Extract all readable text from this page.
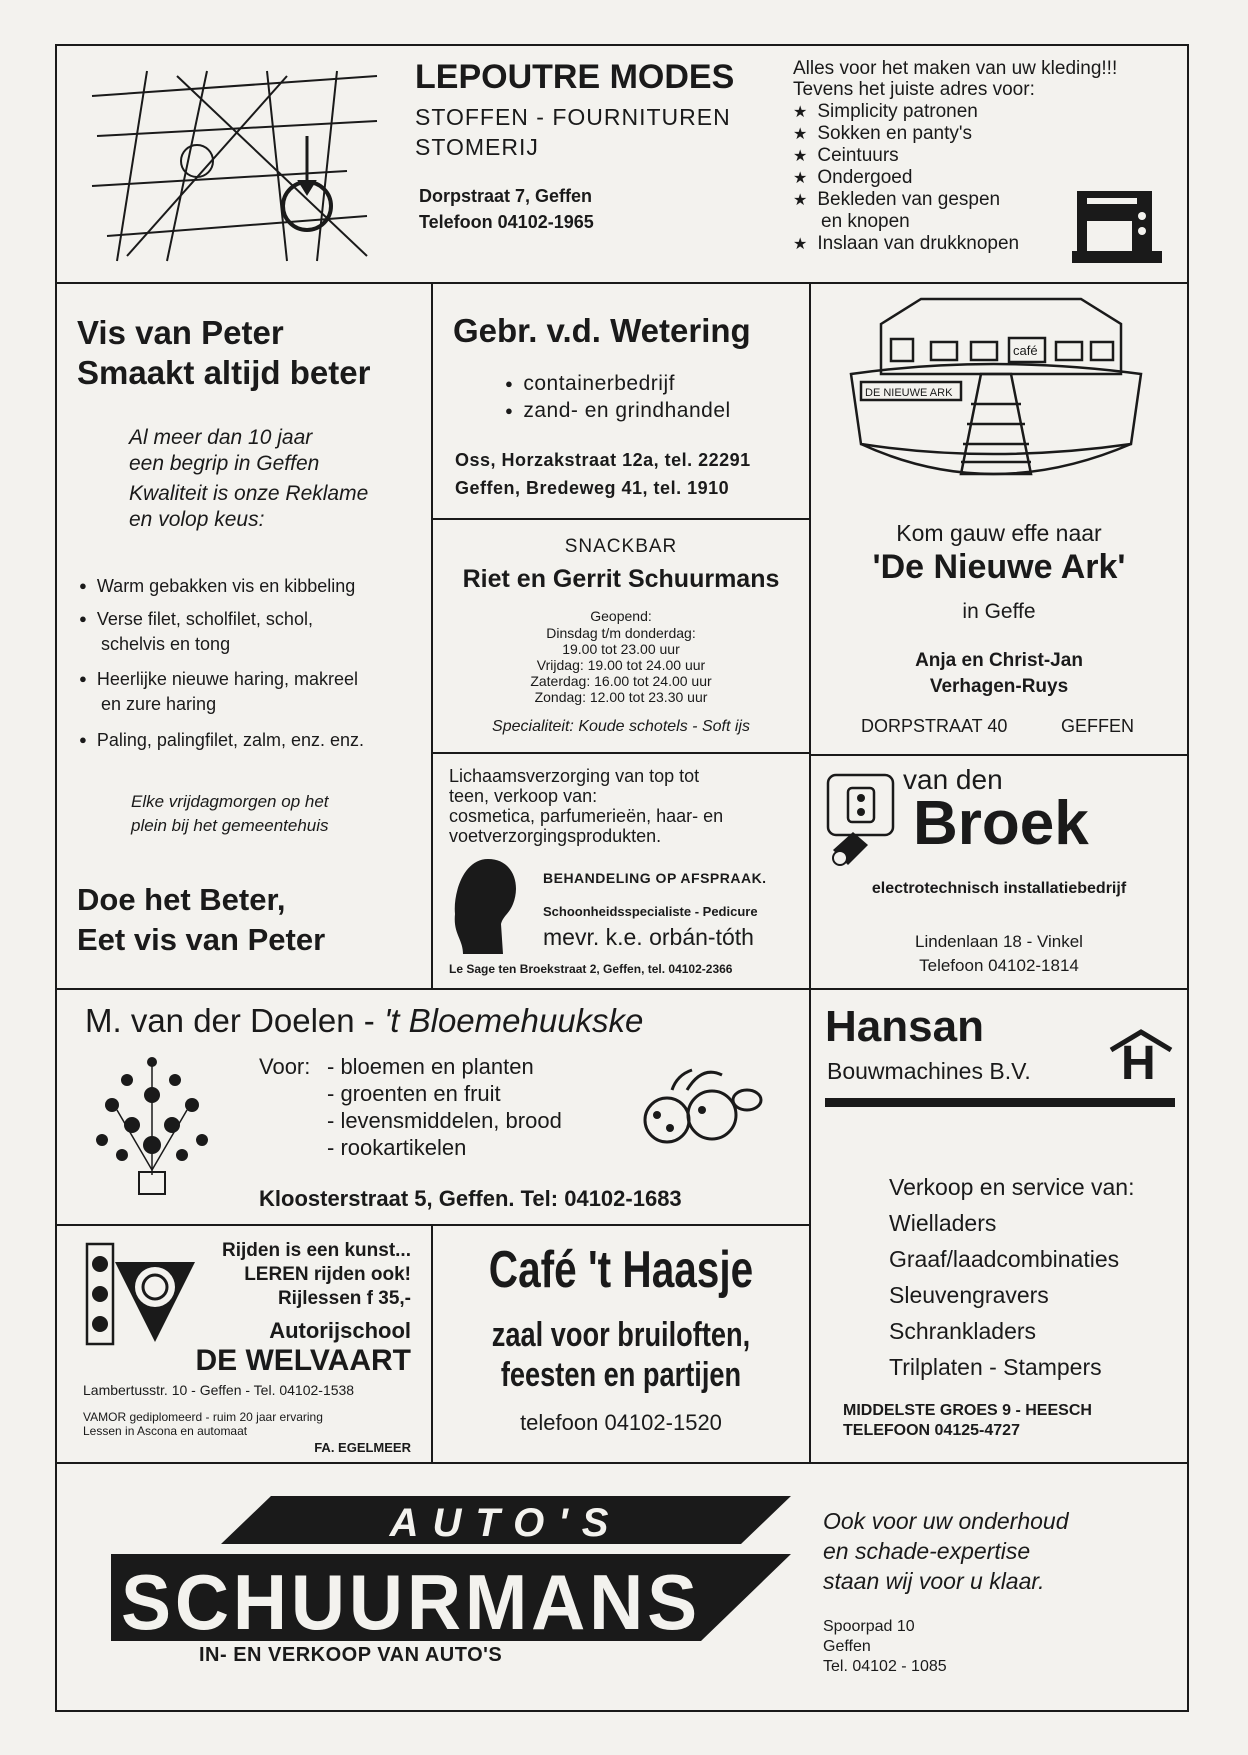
LEPOUTRE MODES
STOFFEN - FOURNITUREN
STOMERIJ
Dorpstraat 7, Geffen
Telefoon 04102-1965
Alles voor het maken van uw kleding!!!
Tevens het juiste adres voor:
★ Simplicity patronen
★ Sokken en panty's
★ Ceintuurs
★ Ondergoed
★ Bekleden van gespen
en knopen
★ Inslaan van drukknopen
Vis van Peter
Smaakt altijd beter
Al meer dan 10 jaar
een begrip in Geffen
Kwaliteit is onze Reklame
en volop keus:
● Warm gebakken vis en kibbeling
● Verse filet, scholfilet, schol,
schelvis en tong
● Heerlijke nieuwe haring, makreel
en zure haring
● Paling, palingfilet, zalm, enz. enz.
Elke vrijdagmorgen op het
plein bij het gemeentehuis
Doe het Beter,
Eet vis van Peter
Gebr. v.d. Wetering
● containerbedrijf
● zand- en grindhandel
Oss, Horzakstraat 12a, tel. 22291
Geffen, Bredeweg 41, tel. 1910
SNACKBAR
Riet en Gerrit Schuurmans
Geopend:
Dinsdag t/m donderdag:
19.00 tot 23.00 uur
Vrijdag: 19.00 tot 24.00 uur
Zaterdag: 16.00 tot 24.00 uur
Zondag: 12.00 tot 23.30 uur
Specialiteit: Koude schotels - Soft ijs
DE NIEUWE ARK
café
Kom gauw effe naar
'De Nieuwe Ark'
in Geffe
Anja en Christ-Jan
Verhagen-Ruys
DORPSTRAAT 40	GEFFEN
Lichaamsverzorging van top tot
teen, verkoop van:
cosmetica, parfumerieën, haar- en
voetverzorgingsprodukten.
BEHANDELING OP AFSPRAAK.
Schoonheidsspecialiste - Pedicure
mevr. k.e. orbán-tóth
Le Sage ten Broekstraat 2, Geffen, tel. 04102-2366
van den
Broek
electrotechnisch installatiebedrijf
Lindenlaan 18 - Vinkel
Telefoon 04102-1814
M. van der Doelen - 't Bloemehuukske
Voor: - bloemen en planten
- groenten en fruit
- levensmiddelen, brood
- rookartikelen
Kloosterstraat 5, Geffen. Tel: 04102-1683
Hansan
Bouwmachines B.V. H
Verkoop en service van:
Wielladers
Graaf/laadcombinaties
Sleuvengravers
Schrankladers
Trilplaten - Stampers
MIDDELSTE GROES 9 - HEESCH
TELEFOON 04125-4727
Rijden is een kunst...
LEREN rijden ook!
Rijlessen f 35,-
Autorijschool
DE WELVAART
Lambertusstr. 10 - Geffen - Tel. 04102-1538
VAMOR gediplomeerd - ruim 20 jaar ervaring
Lessen in Ascona en automaat
FA. EGELMEER
Café 't Haasje
zaal voor bruiloften,
feesten en partijen
telefoon 04102-1520
AUTO'S
SCHUURMANS
IN- EN VERKOOP VAN AUTO'S
Ook voor uw onderhoud
en schade-expertise
staan wij voor u klaar.
Spoorpad 10
Geffen
Tel. 04102 - 1085
